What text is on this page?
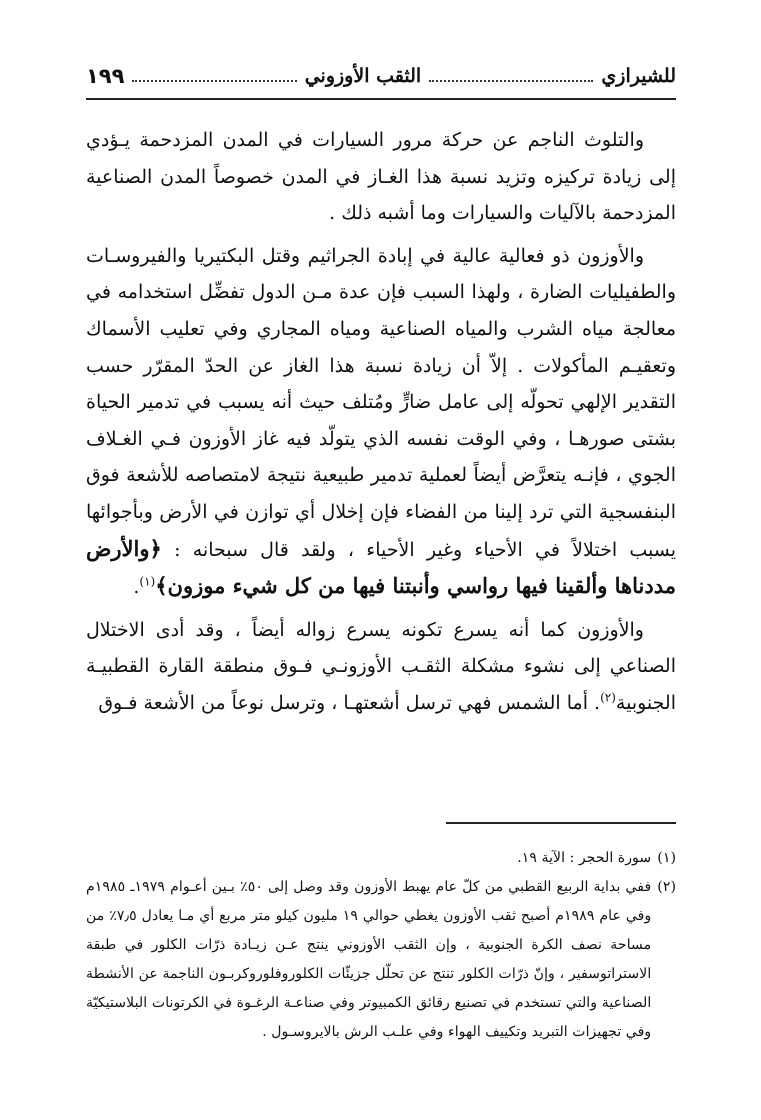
للشيرازي
الثقب الأوزوني
١٩٩

والتلوث الناجم عن حركة مرور السيارات في المدن المزدحمة يـؤدي إلى زيادة تركيزه وتزيد نسبة هذا الغـاز في المدن خصوصاً المدن الصناعية المزدحمة بالآليات والسيارات وما أشبه ذلك .

والأوزون ذو فعالية عالية في إبادة الجراثيم وقتل البكتيريا والفيروسـات والطفيليات الضارة ، ولهذا السبب فإن عدة مـن الدول تفضِّل استخدامه في معالجة مياه الشرب والمياه الصناعية ومياه المجاري وفي تعليب الأسماك وتعقيـم المأكولات . إلاّ أن زيادة نسبة هذا الغاز عن الحدّ المقرّر حسب التقدير الإلهي تحولّه إلى عامل ضارٍّ ومُتلف حيث أنه يسبب في تدمير الحياة بشتى صورهـا ، وفي الوقت نفسه الذي يتولّد فيه غاز الأوزون فـي الغـلاف الجوي ، فإنـه يتعرَّض أيضاً لعملية تدمير طبيعية نتيجة لامتصاصه للأشعة فوق البنفسجية التي ترد إلينا من الفضاء فإن إخلال أي توازن في الأرض وبأجوائها يسبب اختلالاً في الأحياء وغير الأحياء ، ولقد قال سبحانه : ﴿والأرض مددناها وألقينا فيها رواسي وأنبتنا فيها من كل شيء موزون﴾$^{(١)}$.

والأوزون كما أنه يسرع تكونه يسرع زواله أيضاً ، وقد أدى الاختلال الصناعي إلى نشوء مشكلة الثقـب الأوزونـي فـوق منطقة القارة القطبيـة الجنوبية$^{(٢)}$. أما الشمس فهي ترسل أشعتهـا ، وترسل نوعاً من الأشعة فـوق

(١)
سورة الحجر : الآية ١٩.
(٢)
ففي بداية الربيع القطبي من كلّ عام يهبط الأوزون وقد وصل إلى ٥٠٪ بـين أعـوام ١٩٧٩ـ ١٩٨٥م وفي عام ١٩٨٩م أصبح ثقب الأوزون يغطي حوالي ١٩ مليون كيلو متر مربع أي مـا يعادل ٧٫٥٪ من مساحة نصف الكرة الجنوبية ، وإن الثقب الأوزوني ينتج عـن زيـادة ذرّات الكلور في طبقة الاستراتوسفير ، وإنّ ذرّات الكلور تنتج عن تحلّل جزيئّات الكلوروفلوروكربـون الناجمة عن الأنشطة الصناعية والتي تستخدم في تصنيع رقائق الكمبيوتر وفي صناعـة الرغـوة في الكرتونات البلاستيكيّة وفي تجهيزات التبريد وتكييف الهواء وفي علـب الرش بالايروسـول .
